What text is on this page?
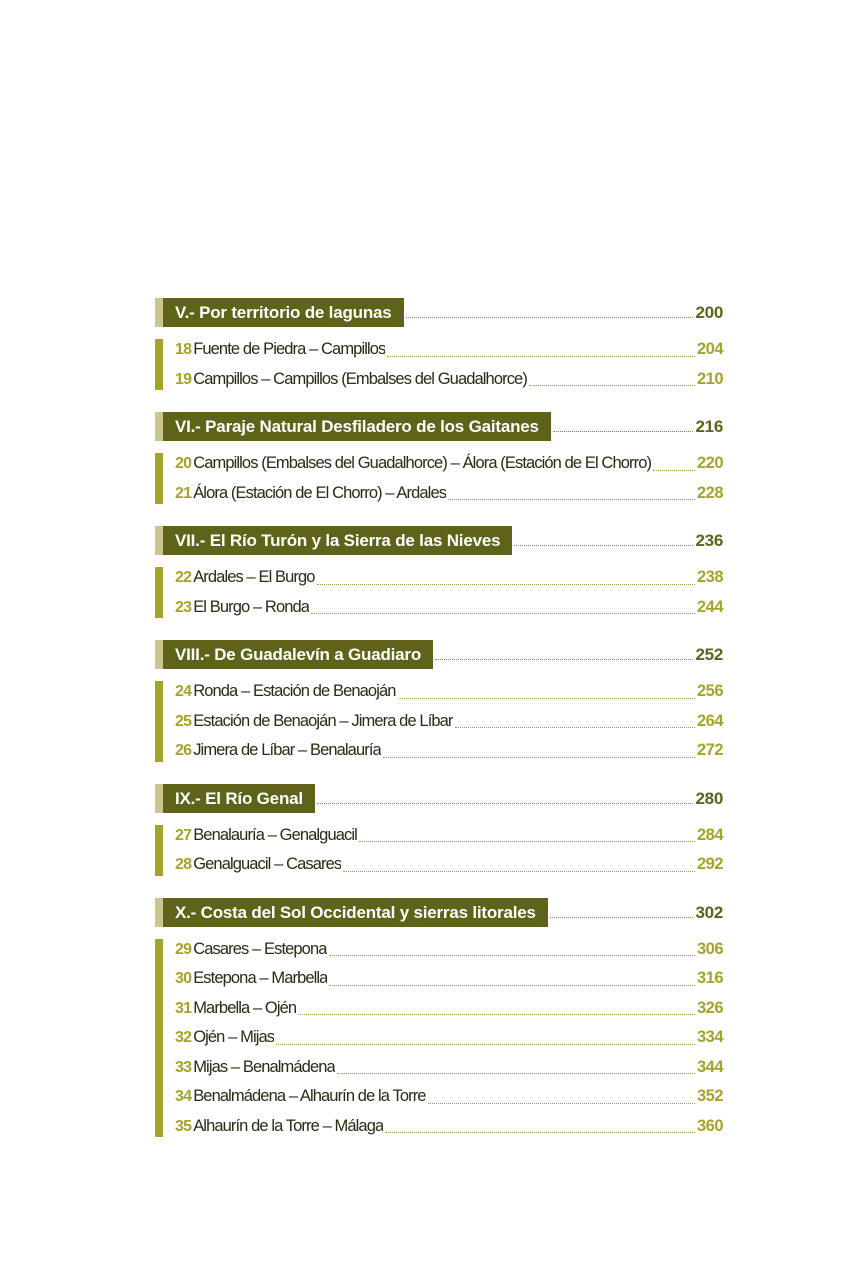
V.- Por territorio de lagunas	200
18 Fuente de Piedra – Campillos	204
19 Campillos – Campillos (Embalses del Guadalhorce)	210
VI.- Paraje Natural Desfiladero de los Gaitanes	216
20 Campillos (Embalses del Guadalhorce) – Álora (Estación de El Chorro)	220
21 Álora (Estación de El Chorro) – Ardales	228
VII.- El Río Turón y la Sierra de las Nieves	236
22 Ardales – El Burgo	238
23 El Burgo – Ronda	244
VIII.- De Guadalevín a Guadiaro	252
24 Ronda – Estación de Benaoján	256
25 Estación de Benaoján – Jimera de Líbar	264
26 Jimera de Líbar – Benalauría	272
IX.- El Río Genal	280
27 Benalauría – Genalguacil	284
28 Genalguacil – Casares	292
X.- Costa del Sol Occidental y sierras litorales	302
29 Casares – Estepona	306
30 Estepona – Marbella	316
31 Marbella – Ojén	326
32 Ojén – Mijas	334
33 Mijas – Benalmádena	344
34 Benalmádena – Alhaurín de la Torre	352
35 Alhaurín de la Torre – Málaga	360
